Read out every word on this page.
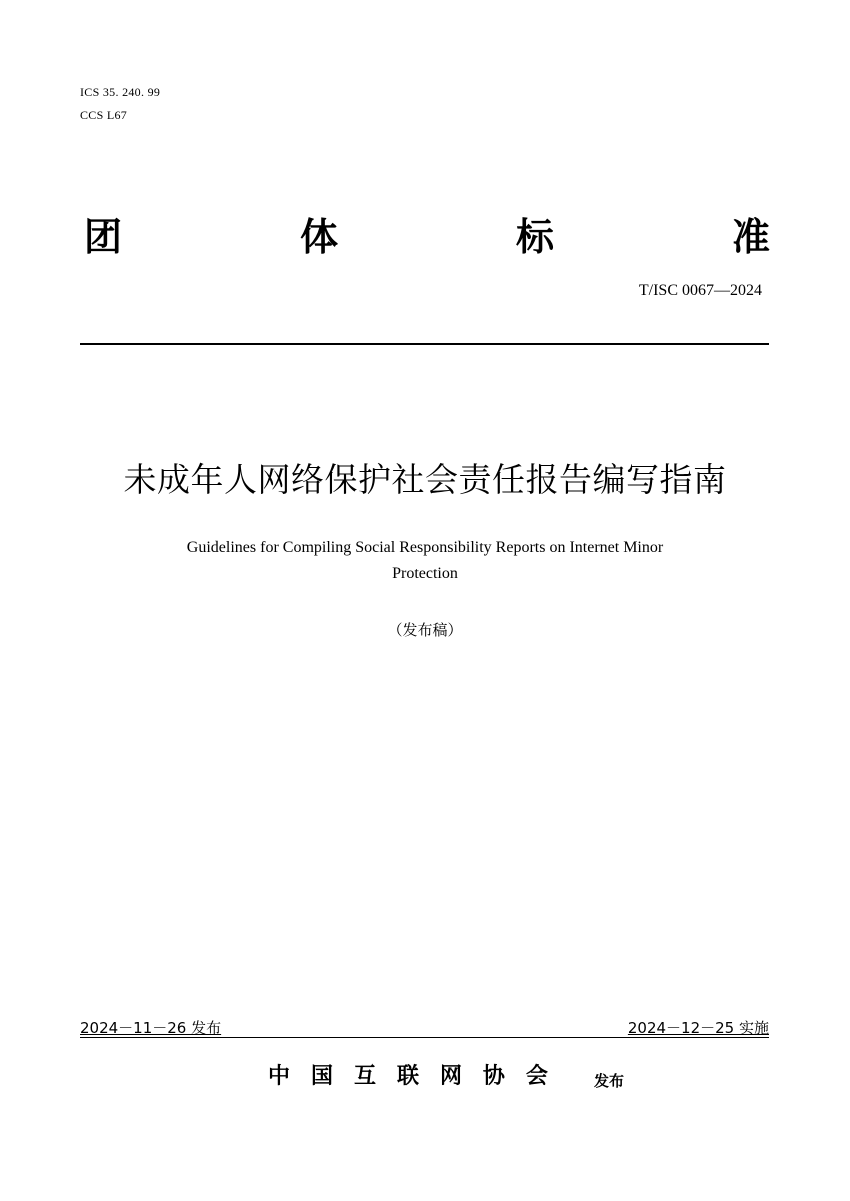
ICS 35. 240. 99
CCS L67
团	体	标	准
T/ISC 0067—2024
未成年人网络保护社会责任报告编写指南
Guidelines for Compiling Social Responsibility Reports on Internet Minor
Protection
（发布稿）
2024－11－26 发布	2024－12－25 实施
中 国 互 联 网 协 会	发布
